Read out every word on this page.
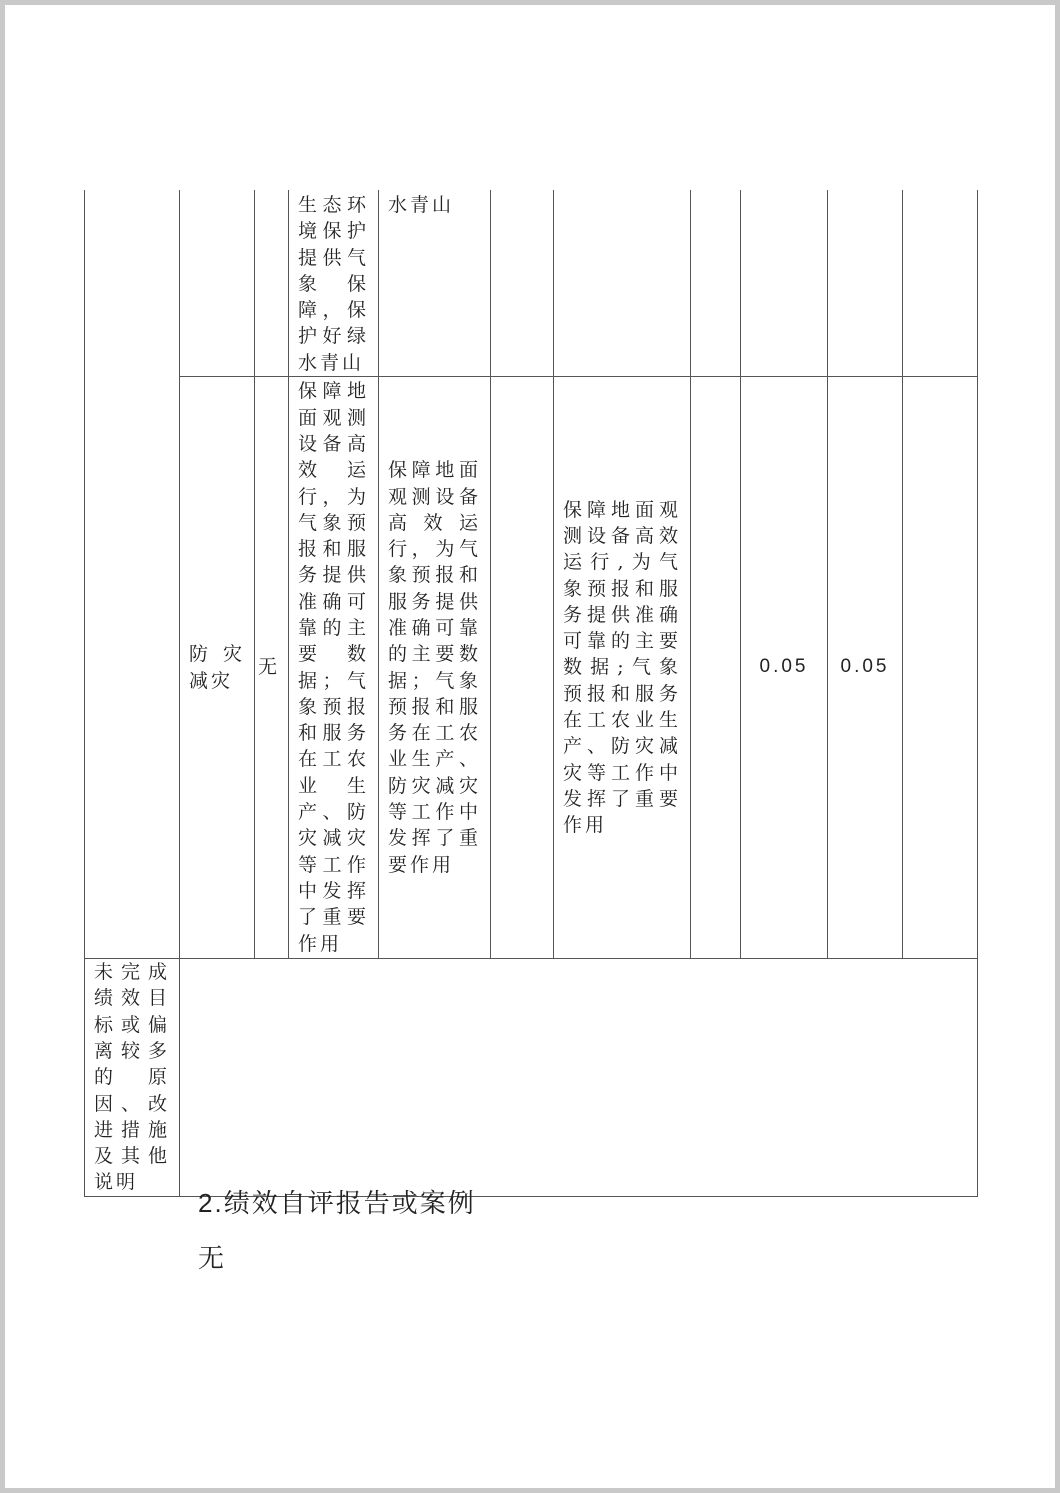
			生态环境保护提供气象保障，保护好绿水青山	水青山						

	防灾减灾	无	保障地面观测设备高效运行，为气象预报和服务提供准确可靠的主要数据；气象预报和服务在工农业生产、防灾减灾等工作中发挥了重要作用	保障地面观测设备高效运行，为气象预报和服务提供准确可靠的主要数据；气象预报和服务在工农业生产、防灾减灾等工作中发挥了重要作用		保障地面观测设备高效运行,为气象预报和服务提供准确可靠的主要数据;气象预报和服务在工农业生产、防灾减灾等工作中发挥了重要作用		0.05	0.05	

未完成绩效目标或偏离较多的原因、改进措施及其他说明										

2.绩效自评报告或案例

无
